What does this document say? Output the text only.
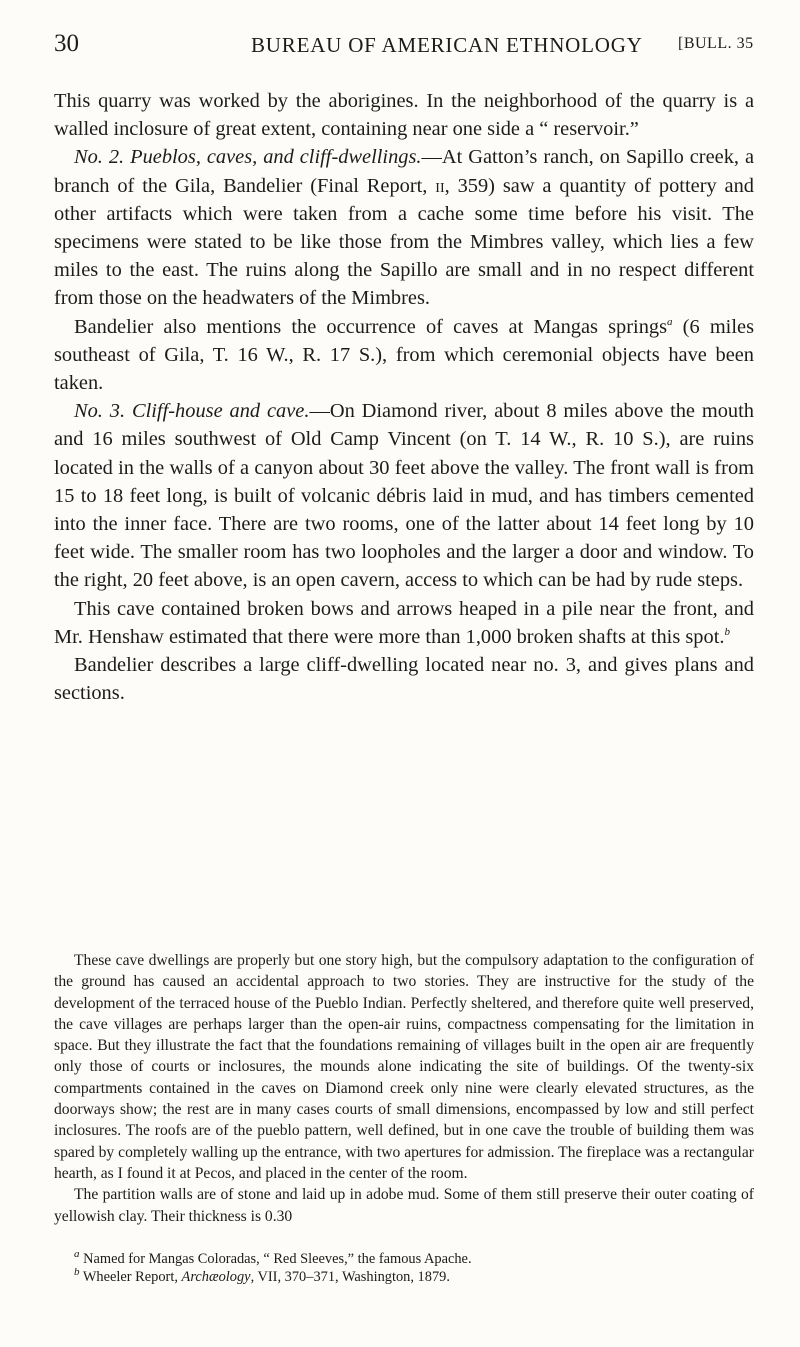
30	BUREAU OF AMERICAN ETHNOLOGY [BULL. 35

This quarry was worked by the aborigines. In the neighborhood of the quarry is a walled inclosure of great extent, containing near one side a “ reservoir.”

No. 2. Pueblos, caves, and cliff-dwellings.—At Gatton’s ranch, on Sapillo creek, a branch of the Gila, Bandelier (Final Report, ii, 359) saw a quantity of pottery and other artifacts which were taken from a cache some time before his visit. The specimens were stated to be like those from the Mimbres valley, which lies a few miles to the east. The ruins along the Sapillo are small and in no respect different from those on the headwaters of the Mimbres.

Bandelier also mentions the occurrence of caves at Mangas springs$^a$ (6 miles southeast of Gila, T. 16 W., R. 17 S.), from which ceremonial objects have been taken.

No. 3. Cliff-house and cave.—On Diamond river, about 8 miles above the mouth and 16 miles southwest of Old Camp Vincent (on T. 14 W., R. 10 S.), are ruins located in the walls of a canyon about 30 feet above the valley. The front wall is from 15 to 18 feet long, is built of volcanic débris laid in mud, and has timbers cemented into the inner face. There are two rooms, one of the latter about 14 feet long by 10 feet wide. The smaller room has two loopholes and the larger a door and window. To the right, 20 feet above, is an open cavern, access to which can be had by rude steps.

This cave contained broken bows and arrows heaped in a pile near the front, and Mr. Henshaw estimated that there were more than 1,000 broken shafts at this spot.$^b$

Bandelier describes a large cliff-dwelling located near no. 3, and gives plans and sections.

These cave dwellings are properly but one story high, but the compulsory adaptation to the configuration of the ground has caused an accidental approach to two stories. They are instructive for the study of the development of the terraced house of the Pueblo Indian. Perfectly sheltered, and therefore quite well preserved, the cave villages are perhaps larger than the open-air ruins, compactness compensating for the limitation in space. But they illustrate the fact that the foundations remaining of villages built in the open air are frequently only those of courts or inclosures, the mounds alone indicating the site of buildings. Of the twenty-six compartments contained in the caves on Diamond creek only nine were clearly elevated structures, as the doorways show; the rest are in many cases courts of small dimensions, encompassed by low and still perfect inclosures. The roofs are of the pueblo pattern, well defined, but in one cave the trouble of building them was spared by completely walling up the entrance, with two apertures for admission. The fireplace was a rectangular hearth, as I found it at Pecos, and placed in the center of the room.

The partition walls are of stone and laid up in adobe mud. Some of them still preserve their outer coating of yellowish clay. Their thickness is 0.30

$^a$ Named for Mangas Coloradas, “ Red Sleeves,” the famous Apache.

$^b$ Wheeler Report, Archæology, VII, 370–371, Washington, 1879.
